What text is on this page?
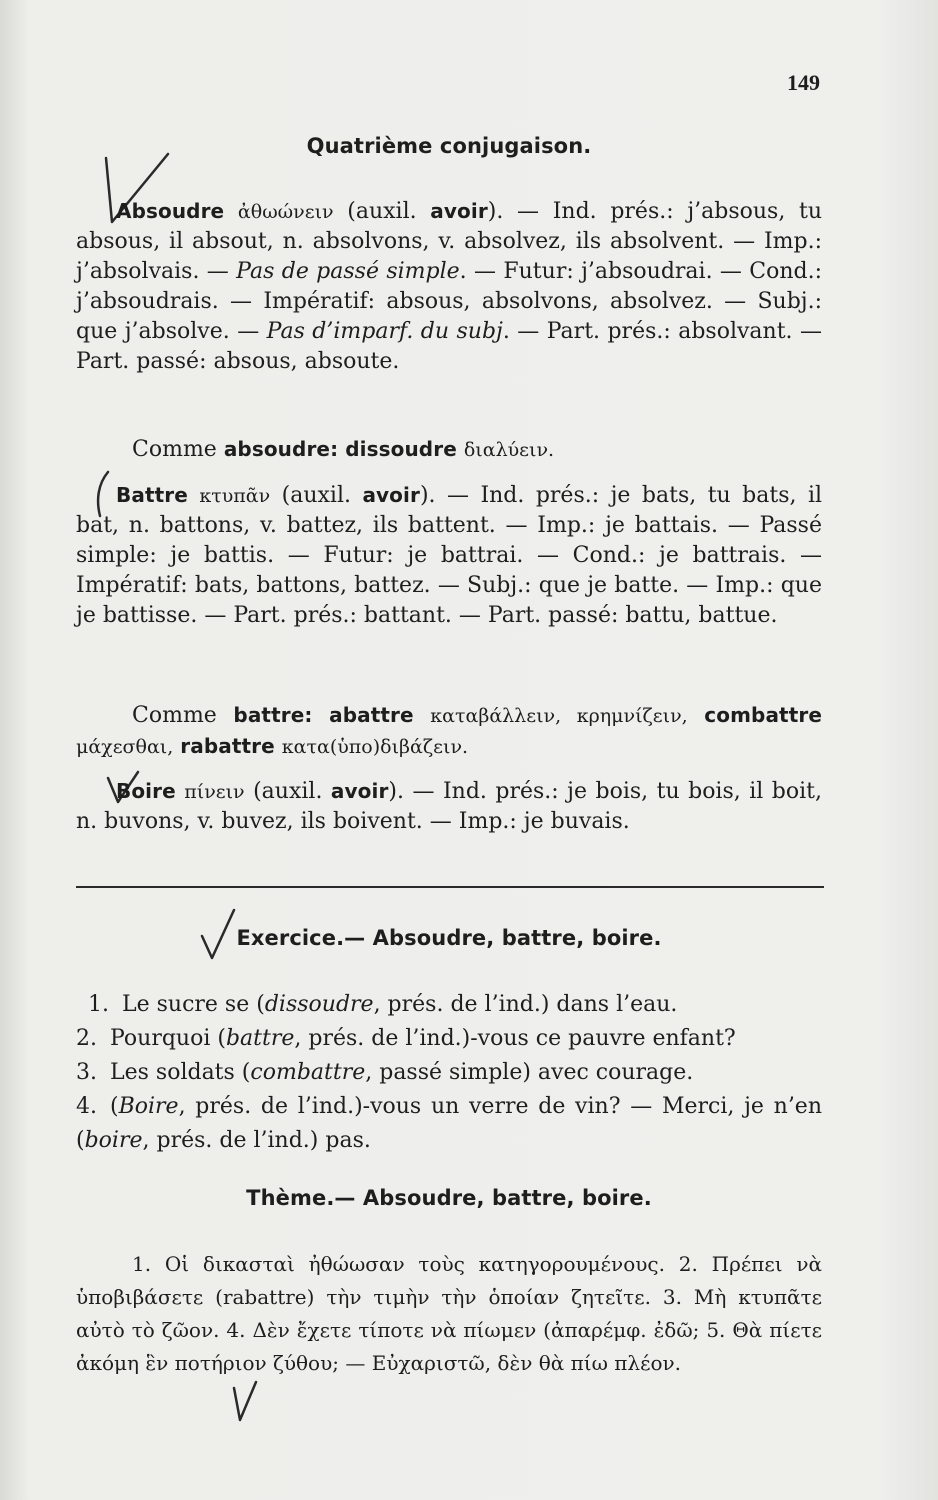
149
Quatrième conjugaison.

Absoudre ἀθωώνειν (auxil. avoir). — Ind. prés.: j’absous, tu absous, il absout, n. absolvons, v. absolvez, ils absolvent. — Imp.: j’absolvais. — Pas de passé simple. — Futur: j’absoudrai. — Cond.: j’absoudrais. — Impératif: absous, absolvons, absolvez. — Subj.: que j’absolve. — Pas d’imparf. du subj. — Part. prés.: absolvant. — Part. passé: absous, absoute.

Comme absoudre: dissoudre διαλύειν.

Battre κτυπᾶν (auxil. avoir). — Ind. prés.: je bats, tu bats, il bat, n. battons, v. battez, ils battent. — Imp.: je battais. — Passé simple: je battis. — Futur: je battrai. — Cond.: je battrais. — Impératif: bats, battons, battez. — Subj.: que je batte. — Imp.: que je battisse. — Part. prés.: battant. — Part. passé: battu, battue.

Comme battre: abattre καταβάλλειν, κρημνίζειν, combattre μάχεσθαι, rabattre κατα(ὑπο)διβάζειν.

Boire πίνειν (auxil. avoir). — Ind. prés.: je bois, tu bois, il boit, n. buvons, v. buvez, ils boivent. — Imp.: je buvais.

Exercice.— Absoudre, battre, boire.

1. Le sucre se (dissoudre, prés. de l’ind.) dans l’eau.

2. Pourquoi (battre, prés. de l’ind.)-vous ce pauvre enfant?

3. Les soldats (combattre, passé simple) avec courage.

4. (Boire, prés. de l’ind.)-vous un verre de vin? — Merci, je n’en (boire, prés. de l’ind.) pas.

Thème.— Absoudre, battre, boire.

1. Οἱ δικασταὶ ἠθώωσαν τοὺς κατηγορουμένους. 2. Πρέπει νὰ ὑποβιβάσετε (rabattre) τὴν τιμὴν τὴν ὁποίαν ζητεῖτε. 3. Μὴ κτυπᾶτε αὐτὸ τὸ ζῶον. 4. Δὲν ἔχετε τίποτε νὰ πίωμεν (ἀπαρέμφ. ἐδῶ; 5. Θὰ πίετε ἀκόμη ἓν ποτήριον ζύθου; — Εὐχαριστῶ, δὲν θὰ πίω πλέον.
